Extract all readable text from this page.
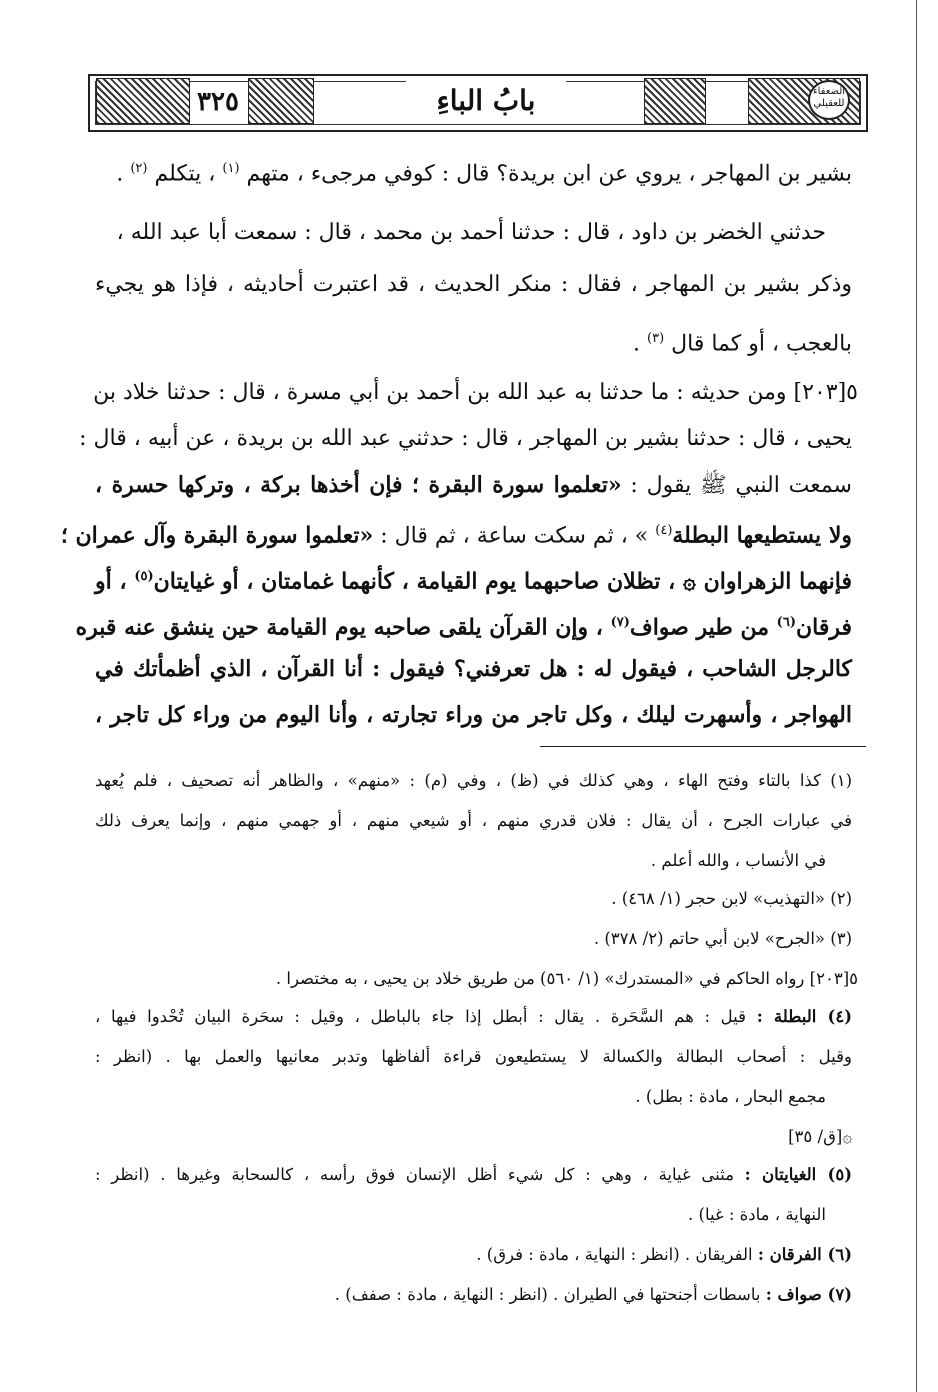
٣٢٥	بابُ الباءِ	الضعفاء للعقيلي
بشير بن المهاجر ، يروي عن ابن بريدة؟ قال : كوفي مرجىء ، متهم $^{(١)}$ ، يتكلم $^{(٢)}$ .
حدثني الخضر بن داود ، قال : حدثنا أحمد بن محمد ، قال : سمعت أبا عبد الله ،
وذكر بشير بن المهاجر ، فقال : منكر الحديث ، قد اعتبرت أحاديثه ، فإذا هو يجيء
بالعجب ، أو كما قال $^{(٣)}$ .
٥[٢٠٣] ومن حديثه : ما حدثنا به عبد الله بن أحمد بن أبي مسرة ، قال : حدثنا خلاد بن
يحيى ، قال : حدثنا بشير بن المهاجر ، قال : حدثني عبد الله بن بريدة ، عن أبيه ، قال :
سمعت النبي ﷺ يقول : «تعلموا سورة البقرة ؛ فإن أخذها بركة ، وتركها حسرة ،
ولا يستطيعها البطلة$^{(٤)}$ » ، ثم سكت ساعة ، ثم قال : «تعلموا سورة البقرة وآل عمران ؛
فإنهما الزهراوان ۞ ، تظلان صاحبهما يوم القيامة ، كأنهما غمامتان ، أو غيايتان$^{(٥)}$ ، أو
فرقان$^{(٦)}$ من طير صواف$^{(٧)}$ ، وإن القرآن يلقى صاحبه يوم القيامة حين ينشق عنه قبره
كالرجل الشاحب ، فيقول له : هل تعرفني؟ فيقول : أنا القرآن ، الذي أظمأتك في
الهواجر ، وأسهرت ليلك ، وكل تاجر من وراء تجارته ، وأنا اليوم من وراء كل تاجر ،
(١) كذا بالتاء وفتح الهاء ، وهي كذلك في (ظ) ، وفي (م) : «منهم» ، والظاهر أنه تصحيف ، فلم يُعهد
في عبارات الجرح ، أن يقال : فلان قدري منهم ، أو شيعي منهم ، أو جهمي منهم ، وإنما يعرف ذلك
في الأنساب ، والله أعلم .
(٢) «التهذيب» لابن حجر (١/ ٤٦٨) .
(٣) «الجرح» لابن أبي حاتم (٢/ ٣٧٨) .
٥[٢٠٣] رواه الحاكم في «المستدرك» (١/ ٥٦٠) من طريق خلاد بن يحيى ، به مختصرا .
(٤) البطلة : قيل : هم السَّحَرة . يقال : أبطل إذا جاء بالباطل ، وقيل : سحَرة البيان تُحْدوا فيها ،
وقيل : أصحاب البطالة والكسالة لا يستطيعون قراءة ألفاظها وتدبر معانيها والعمل بها . (انظر :
مجمع البحار ، مادة : بطل) .
۞[ق/ ٣٥]
(٥) الغيايتان : مثنى غياية ، وهي : كل شيء أظل الإنسان فوق رأسه ، كالسحابة وغيرها . (انظر :
النهاية ، مادة : غيا) .
(٦) الفرقان : الفريقان . (انظر : النهاية ، مادة : فرق) .
(٧) صواف : باسطات أجنحتها في الطيران . (انظر : النهاية ، مادة : صفف) .
